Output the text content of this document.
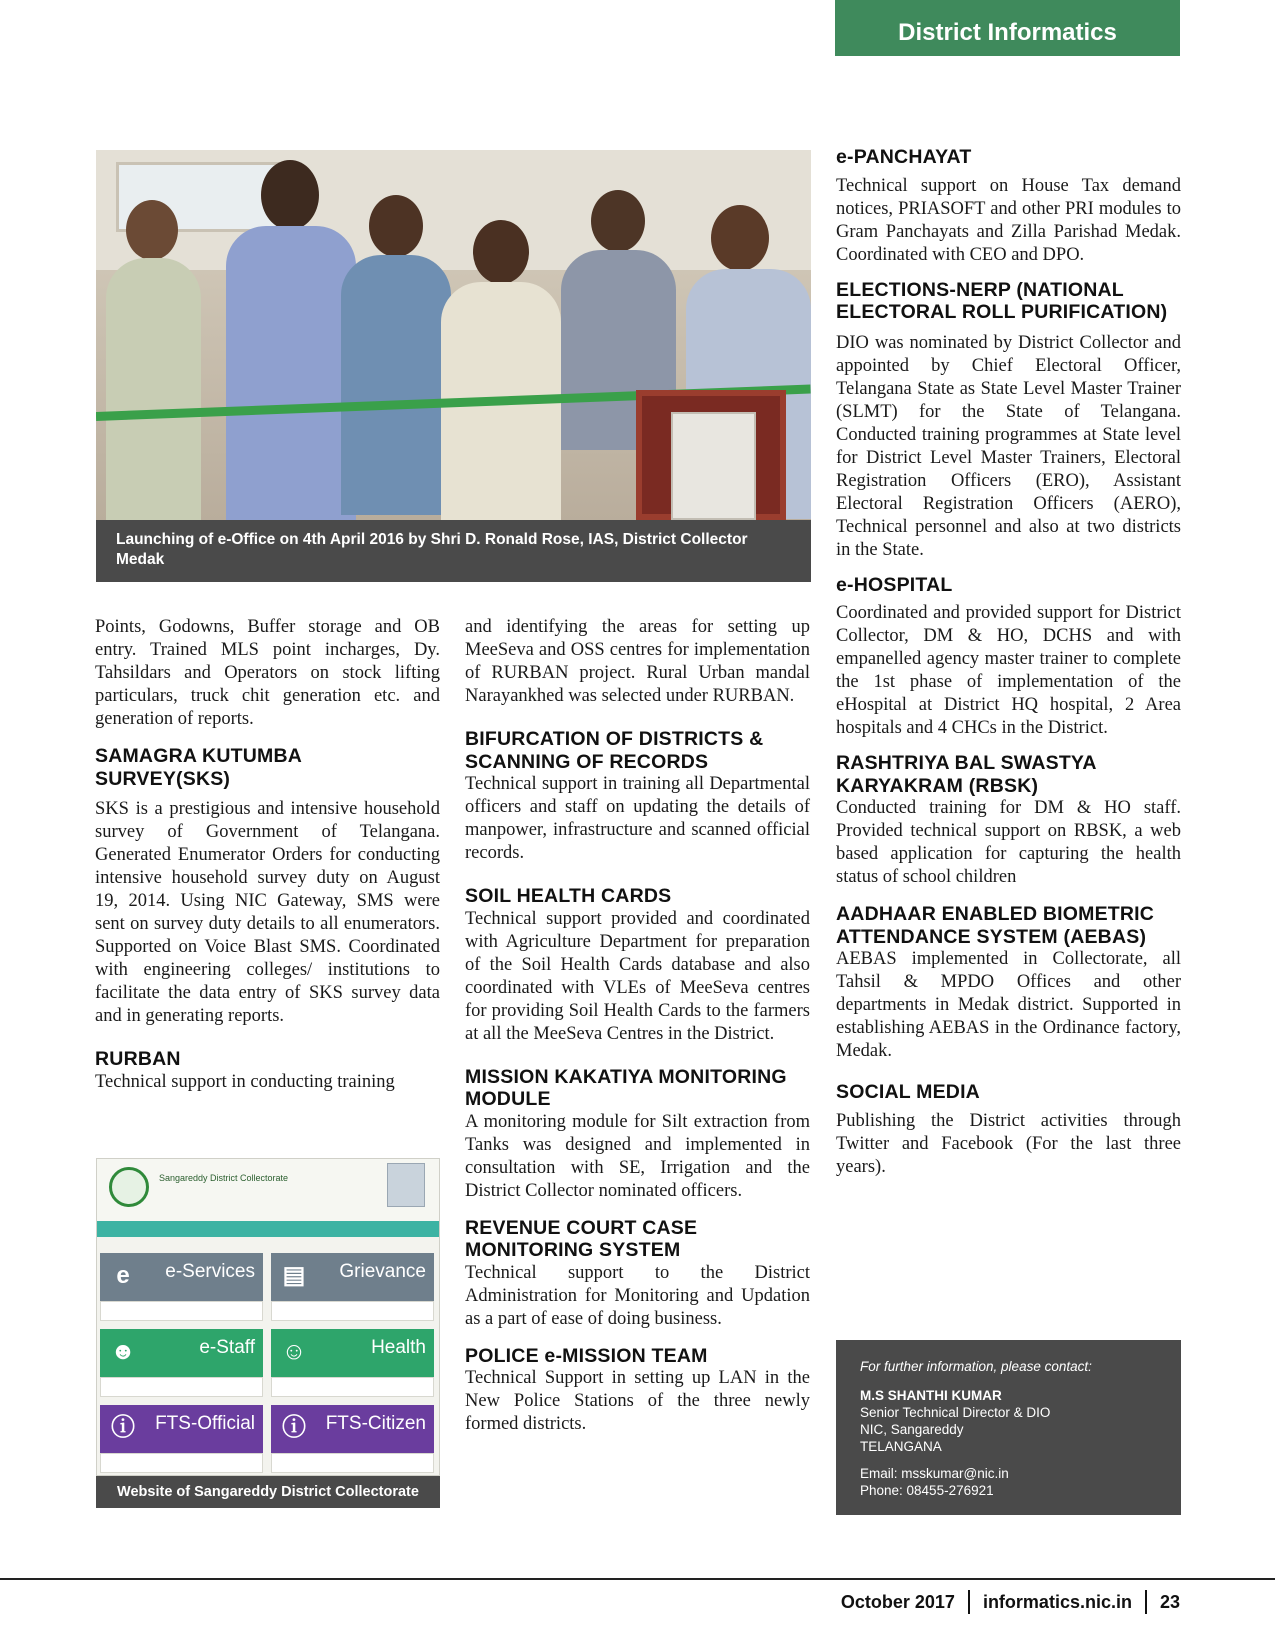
District Informatics
Launching of e-Office on 4th April 2016 by Shri D. Ronald Rose, IAS, District Collector Medak
Points, Godowns, Buffer storage and OB entry. Trained MLS point incharges, Dy. Tahsildars and Operators on stock lifting particulars, truck chit generation etc. and generation of reports.
SAMAGRA KUTUMBA SURVEY(SKS)
SKS is a prestigious and intensive household survey of Government of Telangana. Generated Enumerator Orders for conducting intensive household survey duty on August 19, 2014. Using NIC Gateway, SMS were sent on survey duty details to all enumerators. Supported on Voice Blast SMS. Coordinated with engineering colleges/ institutions to facilitate the data entry of SKS survey data and in generating reports.
RURBAN
Technical support in conducting training
Sangareddy District Collectorate
e	e-Services ▤ Grievance
☻	e-Staff ☺	Health
ⓘ FTS-Official ⓘ FTS-Citizen
Website of Sangareddy District Collectorate
and identifying the areas for setting up MeeSeva and OSS centres for implementation of RURBAN project. Rural Urban mandal Narayankhed was selected under RURBAN.
BIFURCATION OF DISTRICTS & SCANNING OF RECORDS
Technical support in training all Departmental officers and staff on updating the details of manpower, infrastructure and scanned official records.
SOIL HEALTH CARDS
Technical support provided and coordinated with Agriculture Department for preparation of the Soil Health Cards database and also coordinated with VLEs of MeeSeva centres for providing Soil Health Cards to the farmers at all the MeeSeva Centres in the District.
MISSION KAKATIYA MONITORING MODULE
A monitoring module for Silt extraction from Tanks was designed and implemented in consultation with SE, Irrigation and the District Collector nominated officers.
REVENUE COURT CASE MONITORING SYSTEM
Technical support to the District Administration for Monitoring and Updation as a part of ease of doing business.
POLICE e-MISSION TEAM
Technical Support in setting up LAN in the New Police Stations of the three newly formed districts.
e-PANCHAYAT
Technical support on House Tax demand notices, PRIASOFT and other PRI modules to Gram Panchayats and Zilla Parishad Medak. Coordinated with CEO and DPO.
ELECTIONS-NERP (NATIONAL ELECTORAL ROLL PURIFICATION)
DIO was nominated by District Collector and appointed by Chief Electoral Officer, Telangana State as State Level Master Trainer (SLMT) for the State of Telangana. Conducted training programmes at State level for District Level Master Trainers, Electoral Registration Officers (ERO), Assistant Electoral Registration Officers (AERO), Technical personnel and also at two districts in the State.
e-HOSPITAL
Coordinated and provided support for District Collector, DM & HO, DCHS and with empanelled agency master trainer to complete the 1st phase of implementation of the eHospital at District HQ hospital, 2 Area hospitals and 4 CHCs in the District.
RASHTRIYA BAL SWASTYA KARYAKRAM (RBSK)
Conducted training for DM & HO staff. Provided technical support on RBSK, a web based application for capturing the health status of school children
AADHAAR ENABLED BIOMETRIC ATTENDANCE SYSTEM (AEBAS)
AEBAS implemented in Collectorate, all Tahsil & MPDO Offices and other departments in Medak district. Supported in establishing AEBAS in the Ordinance factory, Medak.
SOCIAL MEDIA
Publishing the District activities through Twitter and Facebook (For the last three years).
For further information, please contact:
M.S SHANTHI KUMAR
Senior Technical Director & DIO
NIC, Sangareddy
TELANGANA
Email: msskumar@nic.in
Phone: 08455-276921
October 2017 informatics.nic.in 23
